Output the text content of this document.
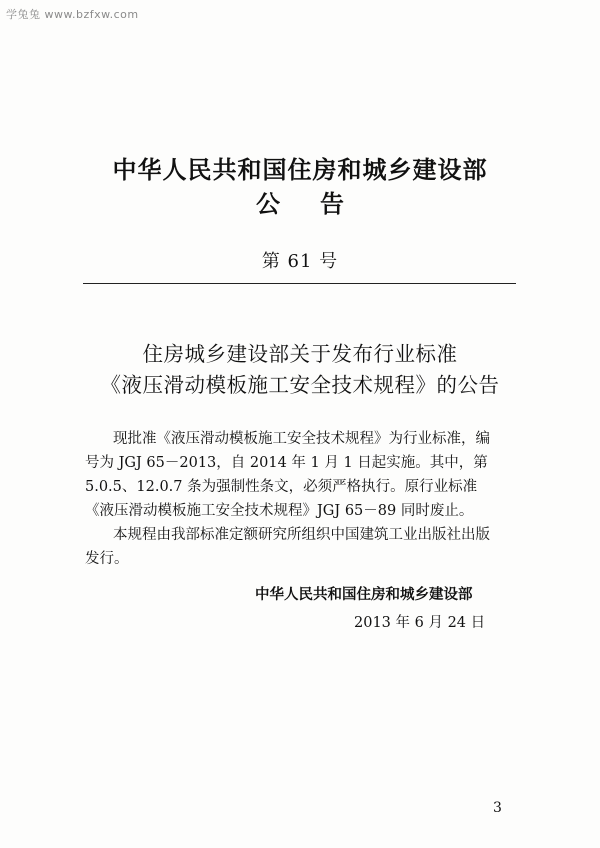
学兔兔 www.bzfxw.com
中华人民共和国住房和城乡建设部
公告
第 61 号
住房城乡建设部关于发布行业标准
《液压滑动模板施工安全技术规程》的公告
现批准《液压滑动模板施工安全技术规程》为行业标准，编
号为 JGJ 65－2013，自 2014 年 1 月 1 日起实施。其中，第
5.0.5、12.0.7 条为强制性条文，必须严格执行。原行业标准
《液压滑动模板施工安全技术规程》JGJ 65－89 同时废止。
本规程由我部标准定额研究所组织中国建筑工业出版社出版
发行。
中华人民共和国住房和城乡建设部
2013 年 6 月 24 日
3
